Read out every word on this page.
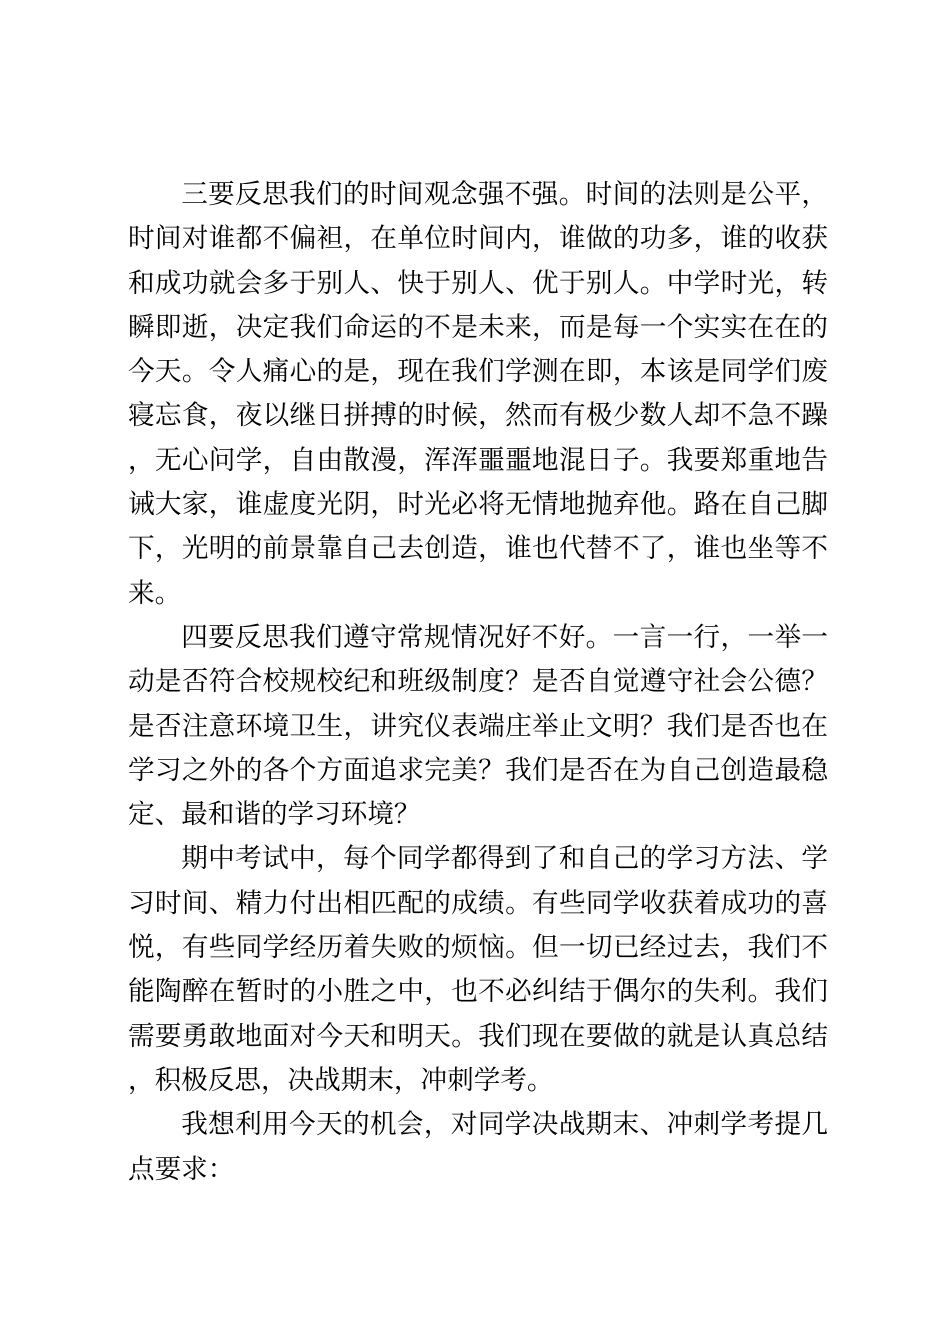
三要反思我们的时间观念强不强。时间的法则是公平，时间对谁都不偏袒，在单位时间内，谁做的功多，谁的收获和成功就会多于别人、快于别人、优于别人。中学时光，转瞬即逝，决定我们命运的不是未来，而是每一个实实在在的今天。令人痛心的是，现在我们学测在即，本该是同学们废寝忘食，夜以继日拼搏的时候，然而有极少数人却不急不躁，无心问学，自由散漫，浑浑噩噩地混日子。我要郑重地告诫大家，谁虚度光阴，时光必将无情地抛弃他。路在自己脚下，光明的前景靠自己去创造，谁也代替不了，谁也坐等不来。

四要反思我们遵守常规情况好不好。一言一行，一举一动是否符合校规校纪和班级制度？是否自觉遵守社会公德？是否注意环境卫生，讲究仪表端庄举止文明？我们是否也在学习之外的各个方面追求完美？我们是否在为自己创造最稳定、最和谐的学习环境？

期中考试中，每个同学都得到了和自己的学习方法、学习时间、精力付出相匹配的成绩。有些同学收获着成功的喜悦，有些同学经历着失败的烦恼。但一切已经过去，我们不能陶醉在暂时的小胜之中，也不必纠结于偶尔的失利。我们需要勇敢地面对今天和明天。我们现在要做的就是认真总结，积极反思，决战期末，冲刺学考。

我想利用今天的机会，对同学决战期末、冲刺学考提几点要求：
